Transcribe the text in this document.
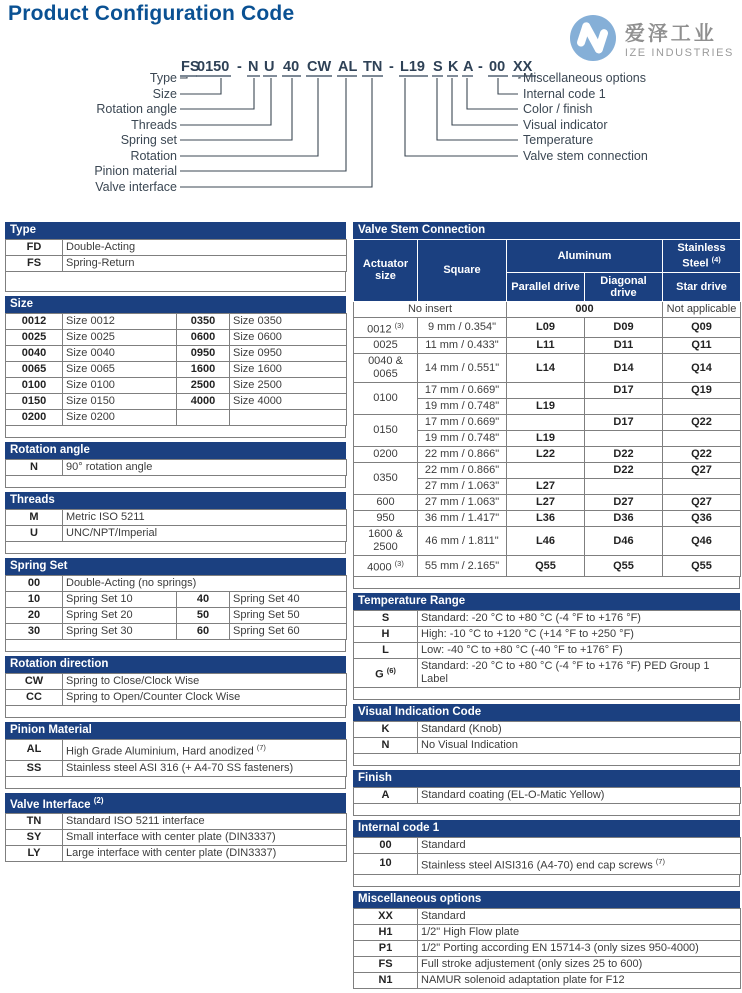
Product Configuration Code
爱泽工业
IZE INDUSTRIES
FS
0150 - N U 40 CW AL TN - L19 S K A - 00 XX
Type
Size
Rotation angle
Threads
Spring set
Rotation
Pinion material
Valve interface
Miscellaneous options
Internal code 1
Color / finish
Visual indicator
Temperature
Valve stem connection
Type
FD	Double-Acting
FS	Spring-Return
Size
0012	Size 0012	0350	Size 0350
0025	Size 0025	0600	Size 0600
0040	Size 0040	0950	Size 0950
0065	Size 0065	1600	Size 1600
0100	Size 0100	2500	Size 2500
0150	Size 0150	4000	Size 4000
0200	Size 0200		
Rotation angle
N	90° rotation angle
Threads
M	Metric ISO 5211
U	UNC/NPT/Imperial
Spring Set
00	Double-Acting (no springs)		
10	Spring Set 10	40	Spring Set 40
20	Spring Set 20	50	Spring Set 50
30	Spring Set 30	60	Spring Set 60
Rotation direction
CW	Spring to Close/Clock Wise
CC	Spring to Open/Counter Clock Wise
Pinion Material
AL	High Grade Aluminium, Hard anodized $^{(7)}$
SS	Stainless steel ASI 316 (+ A4-70 SS fasteners)
Valve Interface $^{(2)}$
TN	Standard ISO 5211 interface
SY	Small interface with center plate (DIN3337)
LY	Large interface with center plate (DIN3337)
Valve Stem Connection
Actuator size	Square	Aluminum		Stainless Steel $^{(4)}$
		Parallel drive	Diagonal drive	Star drive
No insert		000		Not applicable
0012 $^{(3)}$	9 mm / 0.354"	L09	D09	Q09
0025	11 mm / 0.433"	L11	D11	Q11
0040 & 0065	14 mm / 0.551"	L14	D14	Q14
0100	17 mm / 0.669"		D17	Q19
	19 mm / 0.748"	L19		
0150	17 mm / 0.669"		D17	Q22
	19 mm / 0.748"	L19		
0200	22 mm / 0.866"	L22	D22	Q22
0350	22 mm / 0.866"		D22	Q27
	27 mm / 1.063"	L27		
600	27 mm / 1.063"	L27	D27	Q27
950	36 mm / 1.417"	L36	D36	Q36
1600 & 2500	46 mm / 1.811"	L46	D46	Q46
4000 $^{(3)}$	55 mm / 2.165"	Q55	Q55	Q55
Temperature Range
S	Standard: -20 °C to +80 °C (-4 °F to +176 °F)
H	High: -10 °C to +120 °C (+14 °F to +250 °F)
L	Low: -40 °C to +80 °C (-40 °F to +176° F)
G $^{(6)}$	Standard: -20 °C to +80 °C (-4 °F to +176 °F) PED Group 1 Label
Visual Indication Code
K	Standard (Knob)
N	No Visual Indication
Finish
A	Standard coating (EL-O-Matic Yellow)
Internal code 1
00	Standard
10	Stainless steel AISI316 (A4-70) end cap screws $^{(7)}$
Miscellaneous options
XX	Standard
H1	1/2" High Flow plate
P1	1/2" Porting according EN 15714-3 (only sizes 950-4000)
FS	Full stroke adjustement (only sizes 25 to 600)
N1	NAMUR solenoid adaptation plate for F12
